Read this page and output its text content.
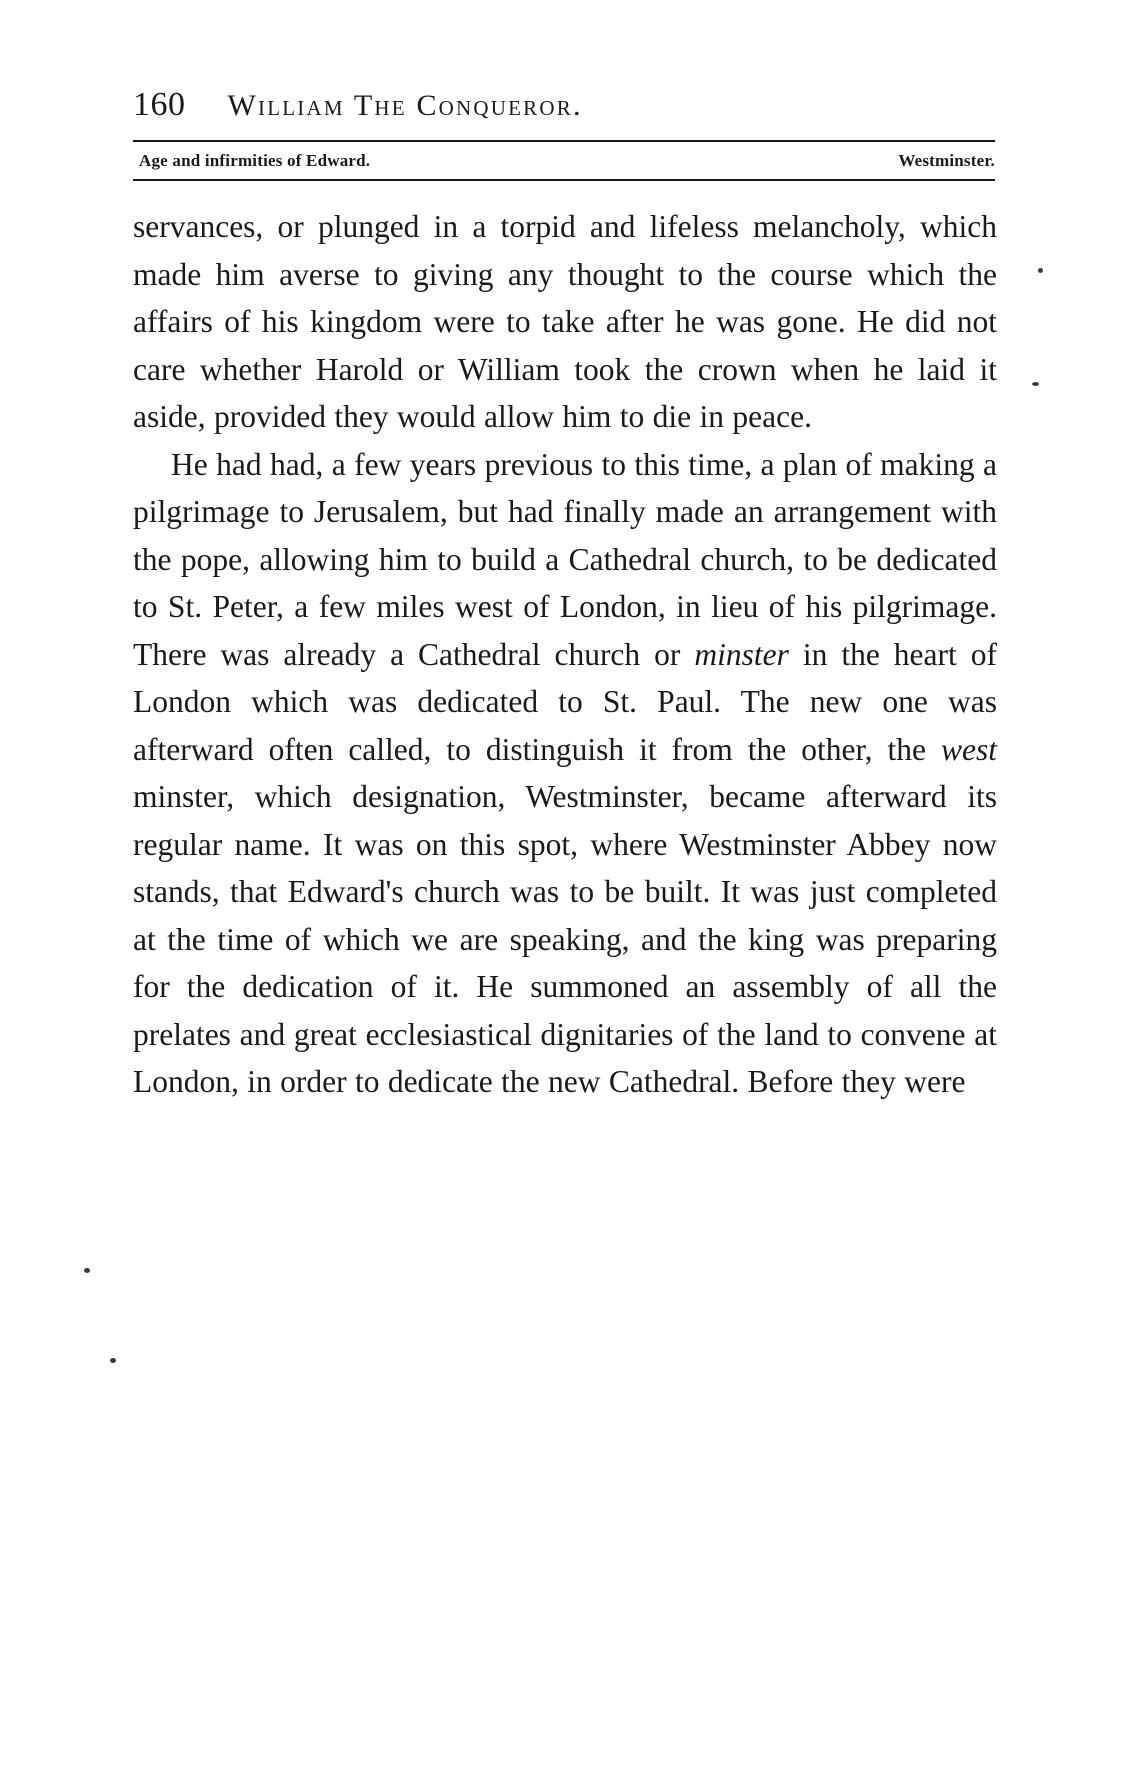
160 William The Conqueror.
Age and infirmities of Edward.	Westminster.

servances, or plunged in a torpid and lifeless melancholy, which made him averse to giving any thought to the course which the affairs of his kingdom were to take after he was gone. He did not care whether Harold or William took the crown when he laid it aside, provided they would allow him to die in peace.

He had had, a few years previous to this time, a plan of making a pilgrimage to Jerusalem, but had finally made an arrangement with the pope, allowing him to build a Cathedral church, to be dedicated to St. Peter, a few miles west of London, in lieu of his pilgrimage. There was already a Cathedral church or minster in the heart of London which was dedicated to St. Paul. The new one was afterward often called, to distinguish it from the other, the west minster, which designation, Westminster, became afterward its regular name. It was on this spot, where Westminster Abbey now stands, that Edward's church was to be built. It was just completed at the time of which we are speaking, and the king was preparing for the dedication of it. He summoned an assembly of all the prelates and great ecclesiastical dignitaries of the land to convene at London, in order to dedicate the new Cathedral. Before they were
